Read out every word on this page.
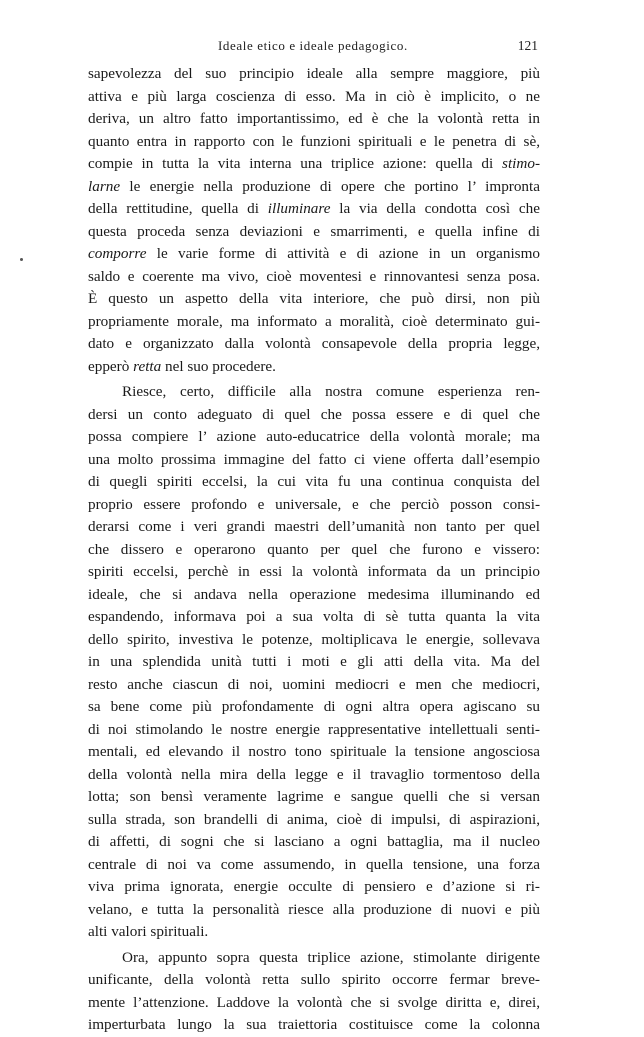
Ideale etico e ideale pedagogico.	121
sapevolezza del suo principio ideale alla sempre maggiore, più
attiva e più larga coscienza di esso. Ma in ciò è implicito, o ne
deriva, un altro fatto importantissimo, ed è che la volontà retta in
quanto entra in rapporto con le funzioni spirituali e le penetra di sè,
compie in tutta la vita interna una triplice azione: quella di stimo-
larne le energie nella produzione di opere che portino l’ impronta
della rettitudine, quella di illuminare la via della condotta così che
questa proceda senza deviazioni e smarrimenti, e quella infine di
comporre le varie forme di attività e di azione in un organismo
saldo e coerente ma vivo, cioè moventesi e rinnovantesi senza posa.
È questo un aspetto della vita interiore, che può dirsi, non più
propriamente morale, ma informato a moralità, cioè determinato gui-
dato e organizzato dalla volontà consapevole della propria legge,
epperò retta nel suo procedere.
Riesce, certo, difficile alla nostra comune esperienza ren-
dersi un conto adeguato di quel che possa essere e di quel che
possa compiere l’ azione auto-educatrice della volontà morale; ma
una molto prossima immagine del fatto ci viene offerta dall’esempio
di quegli spiriti eccelsi, la cui vita fu una continua conquista del
proprio essere profondo e universale, e che perciò posson consi-
derarsi come i veri grandi maestri dell’umanità non tanto per quel
che dissero e operarono quanto per quel che furono e vissero:
spiriti eccelsi, perchè in essi la volontà informata da un principio
ideale, che si andava nella operazione medesima illuminando ed
espandendo, informava poi a sua volta di sè tutta quanta la vita
dello spirito, investiva le potenze, moltiplicava le energie, sollevava
in una splendida unità tutti i moti e gli atti della vita. Ma del
resto anche ciascun di noi, uomini mediocri e men che mediocri,
sa bene come più profondamente di ogni altra opera agiscano su
di noi stimolando le nostre energie rappresentative intellettuali senti-
mentali, ed elevando il nostro tono spirituale la tensione angosciosa
della volontà nella mira della legge e il travaglio tormentoso della
lotta; son bensì veramente lagrime e sangue quelli che si versan
sulla strada, son brandelli di anima, cioè di impulsi, di aspirazioni,
di affetti, di sogni che si lasciano a ogni battaglia, ma il nucleo
centrale di noi va come assumendo, in quella tensione, una forza
viva prima ignorata, energie occulte di pensiero e d’azione si ri-
velano, e tutta la personalità riesce alla produzione di nuovi e più
alti valori spirituali.
Ora, appunto sopra questa triplice azione, stimolante dirigente
unificante, della volontà retta sullo spirito occorre fermar breve-
mente l’attenzione. Laddove la volontà che si svolge diritta e, direi,
imperturbata lungo la sua traiettoria costituisce come la colonna
